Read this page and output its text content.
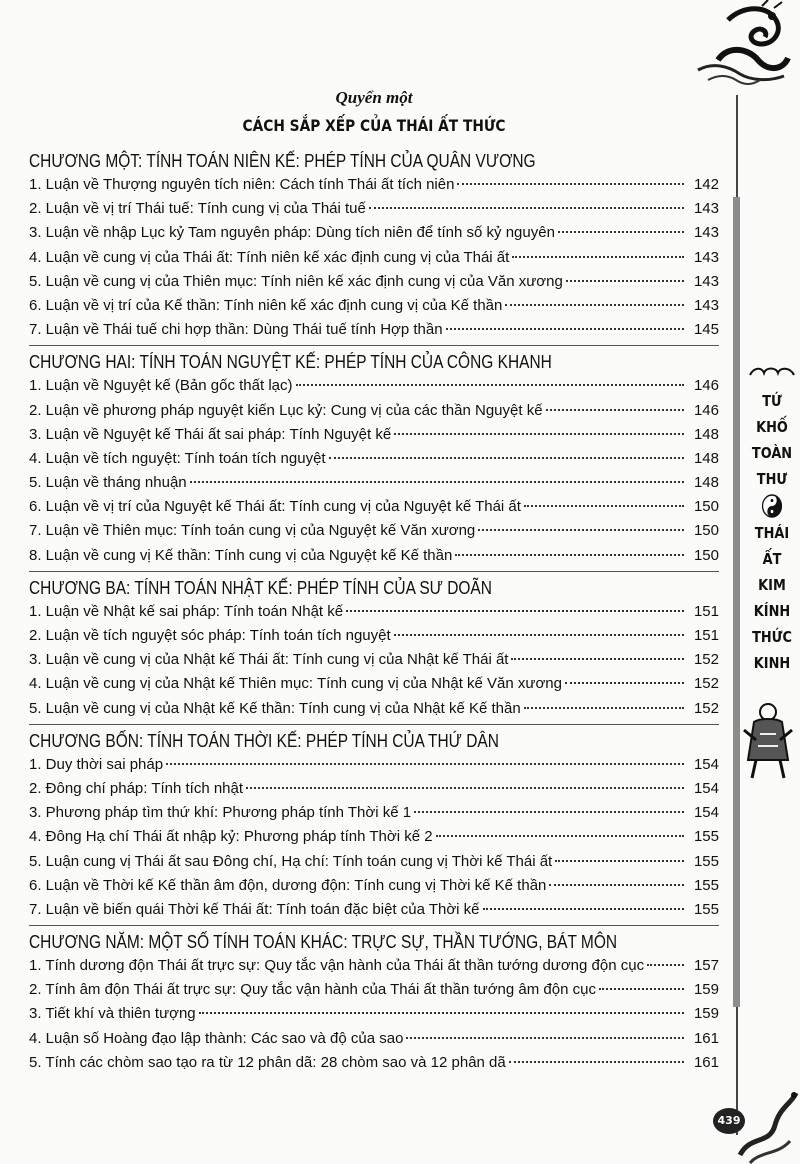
TỨ
KHỐ
TOÀN
THƯ
THÁI
ẤT
KIM
KÍNH
THỨC
KINH
439
Quyển một
CÁCH SẮP XẾP CỦA THÁI ẤT THỨC
CHƯƠNG MỘT: TÍNH TOÁN NIÊN KẾ: PHÉP TÍNH CỦA QUÂN VƯƠNG
1. Luận về Thượng nguyên tích niên: Cách tính Thái ất tích niên	142
2. Luận về vị trí Thái tuế: Tính cung vị của Thái tuế	143
3. Luận về nhập Lục kỷ Tam nguyên pháp: Dùng tích niên để tính số kỷ nguyên	143
4. Luận về cung vị của Thái ất: Tính niên kế xác định cung vị của Thái ất	143
5. Luận về cung vị của Thiên mục: Tính niên kế xác định cung vị của Văn xương	143
6. Luận về vị trí của Kế thần: Tính niên kế xác định cung vị của Kế thần	143
7. Luận về Thái tuế chi hợp thần: Dùng Thái tuế tính Hợp thần	145
CHƯƠNG HAI: TÍNH TOÁN NGUYỆT KẾ: PHÉP TÍNH CỦA CÔNG KHANH
1. Luận về Nguyệt kế (Bản gốc thất lạc)	146
2. Luận về phương pháp nguyệt kiến Lục kỷ: Cung vị của các thần Nguyệt kế	146
3. Luận về Nguyệt kế Thái ất sai pháp: Tính Nguyệt kế	148
4. Luận về tích nguyệt: Tính toán tích nguyệt	148
5. Luận về tháng nhuận	148
6. Luận về vị trí của Nguyệt kế Thái ất: Tính cung vị của Nguyệt kế Thái ất	150
7. Luận về Thiên mục: Tính toán cung vị của Nguyệt kế Văn xương	150
8. Luận về cung vị Kế thần: Tính cung vị của Nguyệt kế Kế thần	150
CHƯƠNG BA: TÍNH TOÁN NHẬT KẾ: PHÉP TÍNH CỦA SƯ DOÃN
1. Luận về Nhật kế sai pháp: Tính toán Nhật kế	151
2. Luận về tích nguyệt sóc pháp: Tính toán tích nguyệt	151
3. Luận về cung vị của Nhật kế Thái ất: Tính cung vị của Nhật kế Thái ất	152
4. Luận về cung vị của Nhật kế Thiên mục: Tính cung vị của Nhật kế Văn xương	152
5. Luận về cung vị của Nhật kế Kế thần: Tính cung vị của Nhật kế Kế thần	152
CHƯƠNG BỐN: TÍNH TOÁN THỜI KẾ: PHÉP TÍNH CỦA THỨ DÂN
1. Duy thời sai pháp	154
2. Đông chí pháp: Tính tích nhật	154
3. Phương pháp tìm thứ khí: Phương pháp tính Thời kế 1	154
4. Đông Hạ chí Thái ất nhập kỷ: Phương pháp tính Thời kế 2	155
5. Luận cung vị Thái ất sau Đông chí, Hạ chí: Tính toán cung vị Thời kế Thái ất	155
6. Luận về Thời kế Kế thần âm độn, dương độn: Tính cung vị Thời kế Kế thần	155
7. Luận về biến quái Thời kế Thái ất: Tính toán đặc biệt của Thời kế	155
CHƯƠNG NĂM: MỘT SỐ TÍNH TOÁN KHÁC: TRỰC SỰ, THẦN TƯỚNG, BÁT MÔN
1. Tính dương độn Thái ất trực sự: Quy tắc vận hành của Thái ất thần tướng dương độn cục	157
2. Tính âm độn Thái ất trực sự: Quy tắc vận hành của Thái ất thần tướng âm độn cục	159
3. Tiết khí và thiên tượng	159
4. Luận số Hoàng đạo lập thành: Các sao và độ của sao	161
5. Tính các chòm sao tạo ra từ 12 phân dã: 28 chòm sao và 12 phân dã	161
